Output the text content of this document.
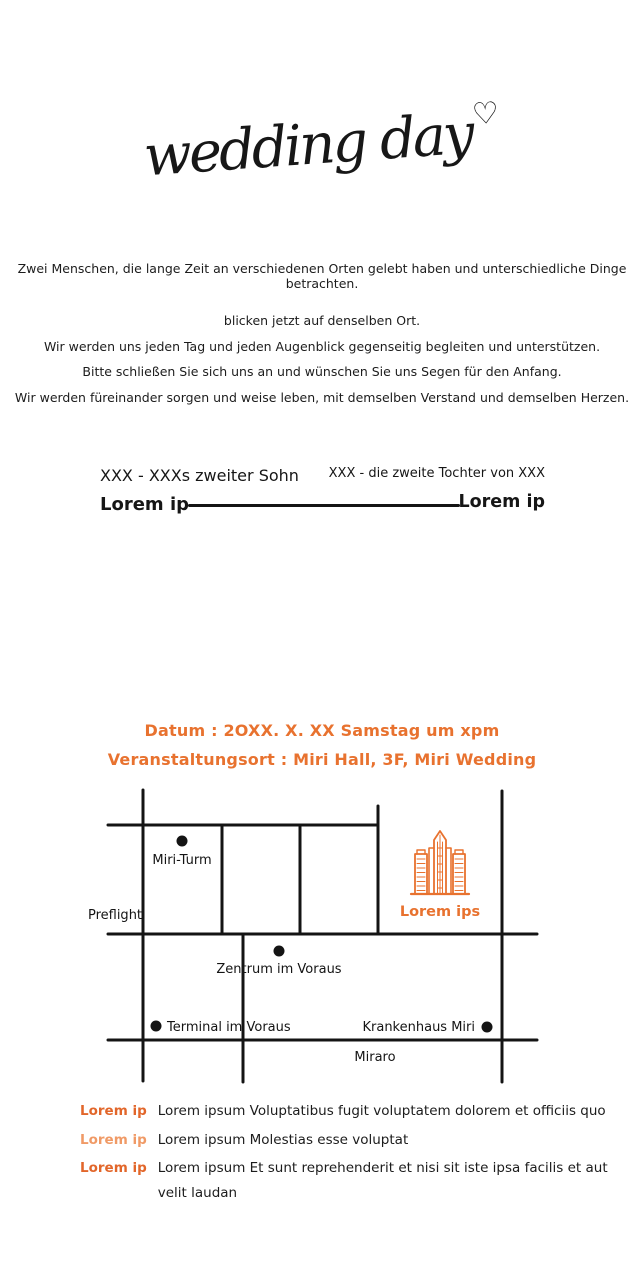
wedding day♡
Zwei Menschen, die lange Zeit an verschiedenen Orten gelebt haben und unterschiedliche Dinge betrachten.

blicken jetzt auf denselben Ort.

Wir werden uns jeden Tag und jeden Augenblick gegenseitig begleiten und unterstützen.

Bitte schließen Sie sich uns an und wünschen Sie uns Segen für den Anfang.

Wir werden füreinander sorgen und weise leben, mit demselben Verstand und demselben Herzen.

XXX - XXXs zweiter Sohn
Lorem ip
XXX - die zweite Tochter von XXX
Lorem ip
Datum : 2OXX. X. XX Samstag um xpm
Veranstaltungsort : Miri Hall, 3F, Miri Wedding
Miri-Turm
Preflight
Zentrum im Voraus
Terminal im Voraus	Krankenhaus Miri
Miraro
Lorem ips
Lorem ip Lorem ipsum Voluptatibus fugit voluptatem dolorem et officiis quo
Lorem ip Lorem ipsum Molestias esse voluptat
Lorem ip Lorem ipsum Et sunt reprehenderit et nisi sit iste ipsa facilis et aut
velit laudan
